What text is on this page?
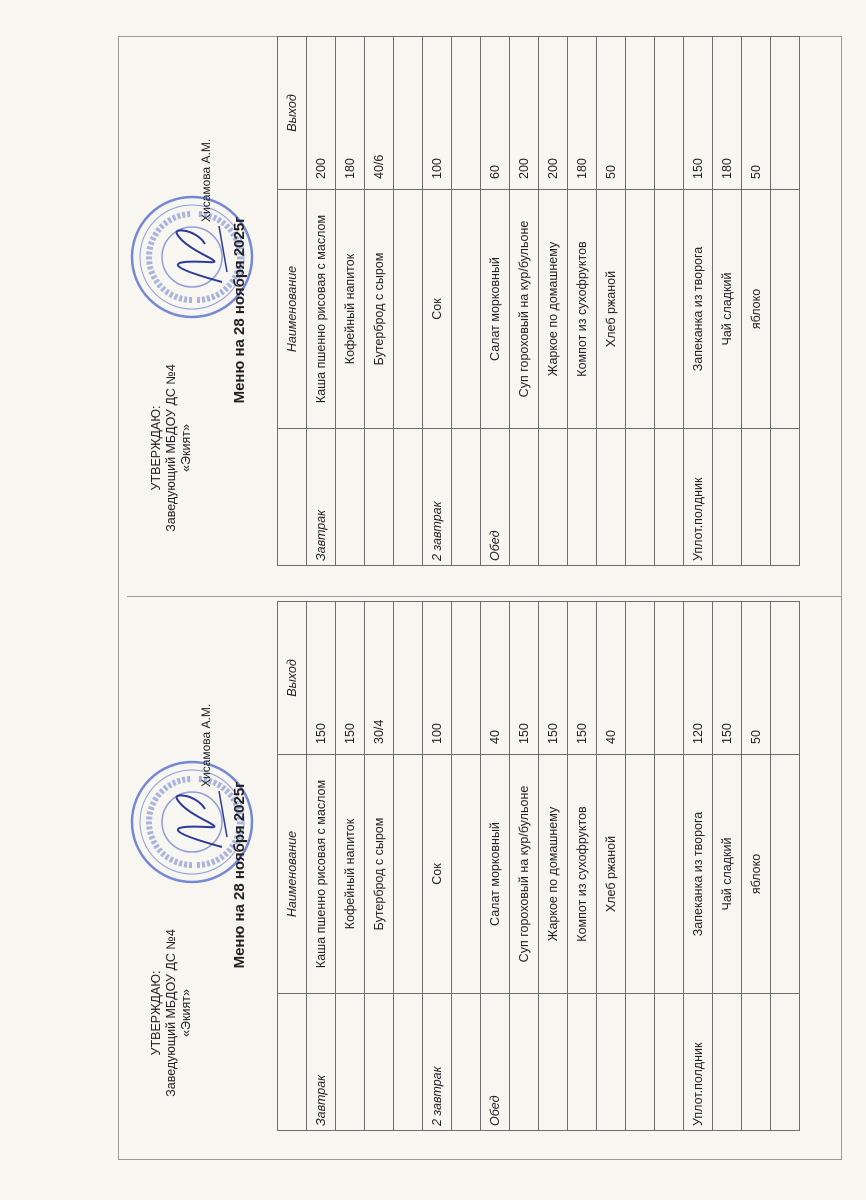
УТВЕРЖДАЮ: Заведующий МБДОУ ДС №4 «Экият»
Хисамова А.М.
Меню на 28 ноября 2025г
		Наименование	Выход
Завтрак	Каша пшенно рисовая с маслом	150
	Кофейный напиток	150
	Бутерброд с сыром	30/4

2 завтрак	Сок	100

Обед	Салат морковный	40
	Суп гороховый на кур/бульоне	150
	Жаркое по домашнему	150
	Компот из сухофруктов	150
	Хлеб ржаной	40

Уплот.полдник	Запеканка из творога	120
	Чай сладкий	150
	яблоко	50

УТВЕРЖДАЮ: Заведующий МБДОУ ДС №4 «Экият»
Хисамова А.М.
Меню на 28 ноября 2025г
		Наименование	Выход
Завтрак	Каша пшенно рисовая с маслом	200
	Кофейный напиток	180
	Бутерброд с сыром	40/6

2 завтрак	Сок	100

Обед	Салат морковный	60
	Суп гороховый на кур/бульоне	200
	Жаркое по домашнему	200
	Компот из сухофруктов	180
	Хлеб ржаной	50

Уплот.полдник	Запеканка из творога	150
	Чай сладкий	180
	яблоко	50
